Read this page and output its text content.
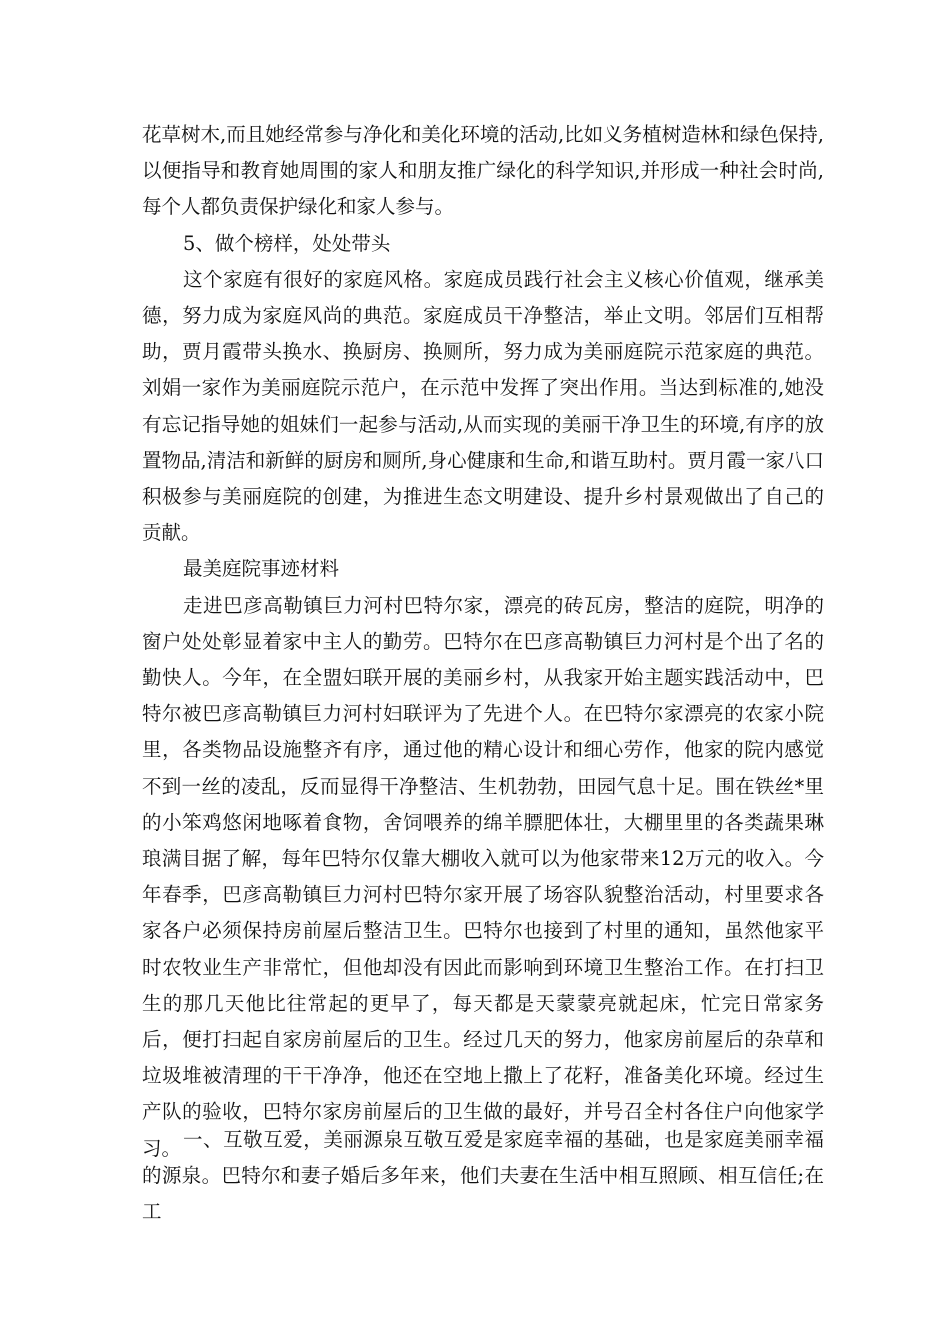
花草树木,而且她经常参与净化和美化环境的活动,比如义务植树造林和绿色保持,以便指导和教育她周围的家人和朋友推广绿化的科学知识,并形成一种社会时尚,每个人都负责保护绿化和家人参与。

5、做个榜样，处处带头

这个家庭有很好的家庭风格。家庭成员践行社会主义核心价值观，继承美德，努力成为家庭风尚的典范。家庭成员干净整洁，举止文明。邻居们互相帮助，贾月霞带头换水、换厨房、换厕所，努力成为美丽庭院示范家庭的典范。刘娟一家作为美丽庭院示范户，在示范中发挥了突出作用。当达到标准的,她没有忘记指导她的姐妹们一起参与活动,从而实现的美丽干净卫生的环境,有序的放置物品,清洁和新鲜的厨房和厕所,身心健康和生命,和谐互助村。贾月霞一家八口积极参与美丽庭院的创建，为推进生态文明建设、提升乡村景观做出了自己的贡献。

最美庭院事迹材料

走进巴彦高勒镇巨力河村巴特尔家，漂亮的砖瓦房，整洁的庭院，明净的窗户处处彰显着家中主人的勤劳。巴特尔在巴彦高勒镇巨力河村是个出了名的勤快人。今年，在全盟妇联开展的美丽乡村，从我家开始主题实践活动中，巴特尔被巴彦高勒镇巨力河村妇联评为了先进个人。在巴特尔家漂亮的农家小院里，各类物品设施整齐有序，通过他的精心设计和细心劳作，他家的院内感觉不到一丝的凌乱，反而显得干净整洁、生机勃勃，田园气息十足。围在铁丝*里的小笨鸡悠闲地啄着食物，舍饲喂养的绵羊膘肥体壮，大棚里里的各类蔬果琳琅满目据了解，每年巴特尔仅靠大棚收入就可以为他家带来12万元的收入。今年春季，巴彦高勒镇巨力河村巴特尔家开展了场容队貌整治活动，村里要求各家各户必须保持房前屋后整洁卫生。巴特尔也接到了村里的通知，虽然他家平时农牧业生产非常忙，但他却没有因此而影响到环境卫生整治工作。在打扫卫生的那几天他比往常起的更早了，每天都是天蒙蒙亮就起床，忙完日常家务后，便打扫起自家房前屋后的卫生。经过几天的努力，他家房前屋后的杂草和垃圾堆被清理的干干净净，他还在空地上撒上了花籽，准备美化环境。经过生产队的验收，巴特尔家房前屋后的卫生做的最好，并号召全村各住户向他家学习。 一、互敬互爱，美丽源泉互敬互爱是家庭幸福的基础，也是家庭美丽幸福的源泉。巴特尔和妻子婚后多年来，他们夫妻在生活中相互照顾、相互信任;在工
